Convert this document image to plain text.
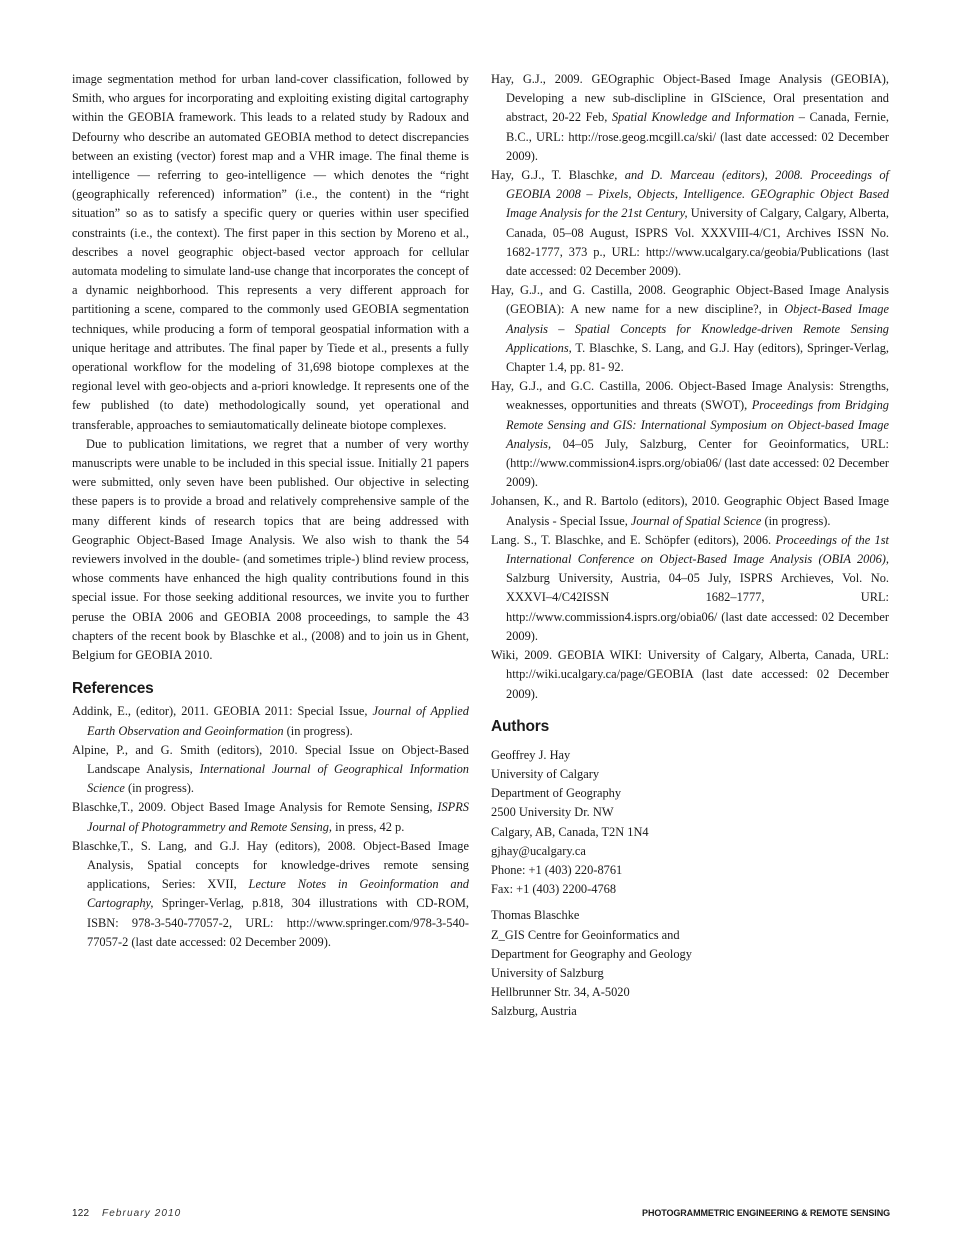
image segmentation method for urban land-cover classification, followed by Smith, who argues for incorporating and exploiting existing digital cartography within the GEOBIA framework. This leads to a related study by Radoux and Defourny who describe an automated GEOBIA method to detect discrepancies between an existing (vector) forest map and a VHR image. The final theme is intelligence — referring to geo-intelligence — which denotes the “right (geographically referenced) information” (i.e., the content) in the “right situation” so as to satisfy a specific query or queries within user specified constraints (i.e., the context). The first paper in this section by Moreno et al., describes a novel geographic object-based vector approach for cellular automata modeling to simulate land-use change that incorporates the concept of a dynamic neighborhood. This represents a very different approach for partitioning a scene, compared to the commonly used GEOBIA segmentation techniques, while producing a form of temporal geospatial information with a unique heritage and attributes. The final paper by Tiede et al., presents a fully operational workflow for the modeling of 31,698 biotope complexes at the regional level with geo-objects and a-priori knowledge. It represents one of the few published (to date) methodologically sound, yet operational and transferable, approaches to semiautomatically delineate biotope complexes.

Due to publication limitations, we regret that a number of very worthy manuscripts were unable to be included in this special issue. Initially 21 papers were submitted, only seven have been published. Our objective in selecting these papers is to provide a broad and relatively comprehensive sample of the many different kinds of research topics that are being addressed with Geographic Object-Based Image Analysis. We also wish to thank the 54 reviewers involved in the double- (and sometimes triple-) blind review process, whose comments have enhanced the high quality contributions found in this special issue. For those seeking additional resources, we invite you to further peruse the OBIA 2006 and GEOBIA 2008 proceedings, to sample the 43 chapters of the recent book by Blaschke et al., (2008) and to join us in Ghent, Belgium for GEOBIA 2010.

References

Addink, E., (editor), 2011. GEOBIA 2011: Special Issue, Journal of Applied Earth Observation and Geoinformation (in progress).

Alpine, P., and G. Smith (editors), 2010. Special Issue on Object-Based Landscape Analysis, International Journal of Geographical Information Science (in progress).

Blaschke,T., 2009. Object Based Image Analysis for Remote Sensing, ISPRS Journal of Photogrammetry and Remote Sensing, in press, 42 p.

Blaschke,T., S. Lang, and G.J. Hay (editors), 2008. Object-Based Image Analysis, Spatial concepts for knowledge-drives remote sensing applications, Series: XVII, Lecture Notes in Geoinformation and Cartography, Springer-Verlag, p.818, 304 illustrations with CD-ROM, ISBN: 978-3-540-77057-2, URL: http://www.springer.com/978-3-540-77057-2 (last date accessed: 02 December 2009).

Hay, G.J., 2009. GEOgraphic Object-Based Image Analysis (GEOBIA), Developing a new sub-disclipline in GIScience, Oral presentation and abstract, 20-22 Feb, Spatial Knowledge and Information – Canada, Fernie, B.C., URL: http://rose.geog.mcgill.ca/ski/ (last date accessed: 02 December 2009).

Hay, G.J., T. Blaschke, and D. Marceau (editors), 2008. Proceedings of GEOBIA 2008 – Pixels, Objects, Intelligence. GEOgraphic Object Based Image Analysis for the 21st Century, University of Calgary, Calgary, Alberta, Canada, 05–08 August, ISPRS Vol. XXXVIII-4/C1, Archives ISSN No. 1682-1777, 373 p., URL: http://www.ucalgary.ca/geobia/Publications (last date accessed: 02 December 2009).

Hay, G.J., and G. Castilla, 2008. Geographic Object-Based Image Analysis (GEOBIA): A new name for a new discipline?, in Object-Based Image Analysis – Spatial Concepts for Knowledge-driven Remote Sensing Applications, T. Blaschke, S. Lang, and G.J. Hay (editors), Springer-Verlag, Chapter 1.4, pp. 81- 92.

Hay, G.J., and G.C. Castilla, 2006. Object-Based Image Analysis: Strengths, weaknesses, opportunities and threats (SWOT), Proceedings from Bridging Remote Sensing and GIS: International Symposium on Object-based Image Analysis, 04–05 July, Salzburg, Center for Geoinformatics, URL:(http://www.commission4.isprs.org/obia06/ (last date accessed: 02 December 2009).

Johansen, K., and R. Bartolo (editors), 2010. Geographic Object Based Image Analysis - Special Issue, Journal of Spatial Science (in progress).

Lang. S., T. Blaschke, and E. Schöpfer (editors), 2006. Proceedings of the 1st International Conference on Object-Based Image Analysis (OBIA 2006), Salzburg University, Austria, 04–05 July, ISPRS Archieves, Vol. No. XXXVI–4/C42ISSN 1682–1777, URL: http://www.commission4.isprs.org/obia06/ (last date accessed: 02 December 2009).

Wiki, 2009. GEOBIA WIKI: University of Calgary, Alberta, Canada, URL: http://wiki.ucalgary.ca/page/GEOBIA (last date accessed: 02 December 2009).

Authors
Geoffrey J. Hay
University of Calgary
Department of Geography
2500 University Dr. NW
Calgary, AB, Canada, T2N 1N4
gjhay@ucalgary.ca
Phone: +1 (403) 220-8761
Fax: +1 (403) 2200-4768
Thomas Blaschke
Z_GIS Centre for Geoinformatics and
Department for Geography and Geology
University of Salzburg
Hellbrunner Str. 34, A-5020
Salzburg, Austria
122 February 2010	PHOTOGRAMMETRIC ENGINEERING & REMOTE SENSING
